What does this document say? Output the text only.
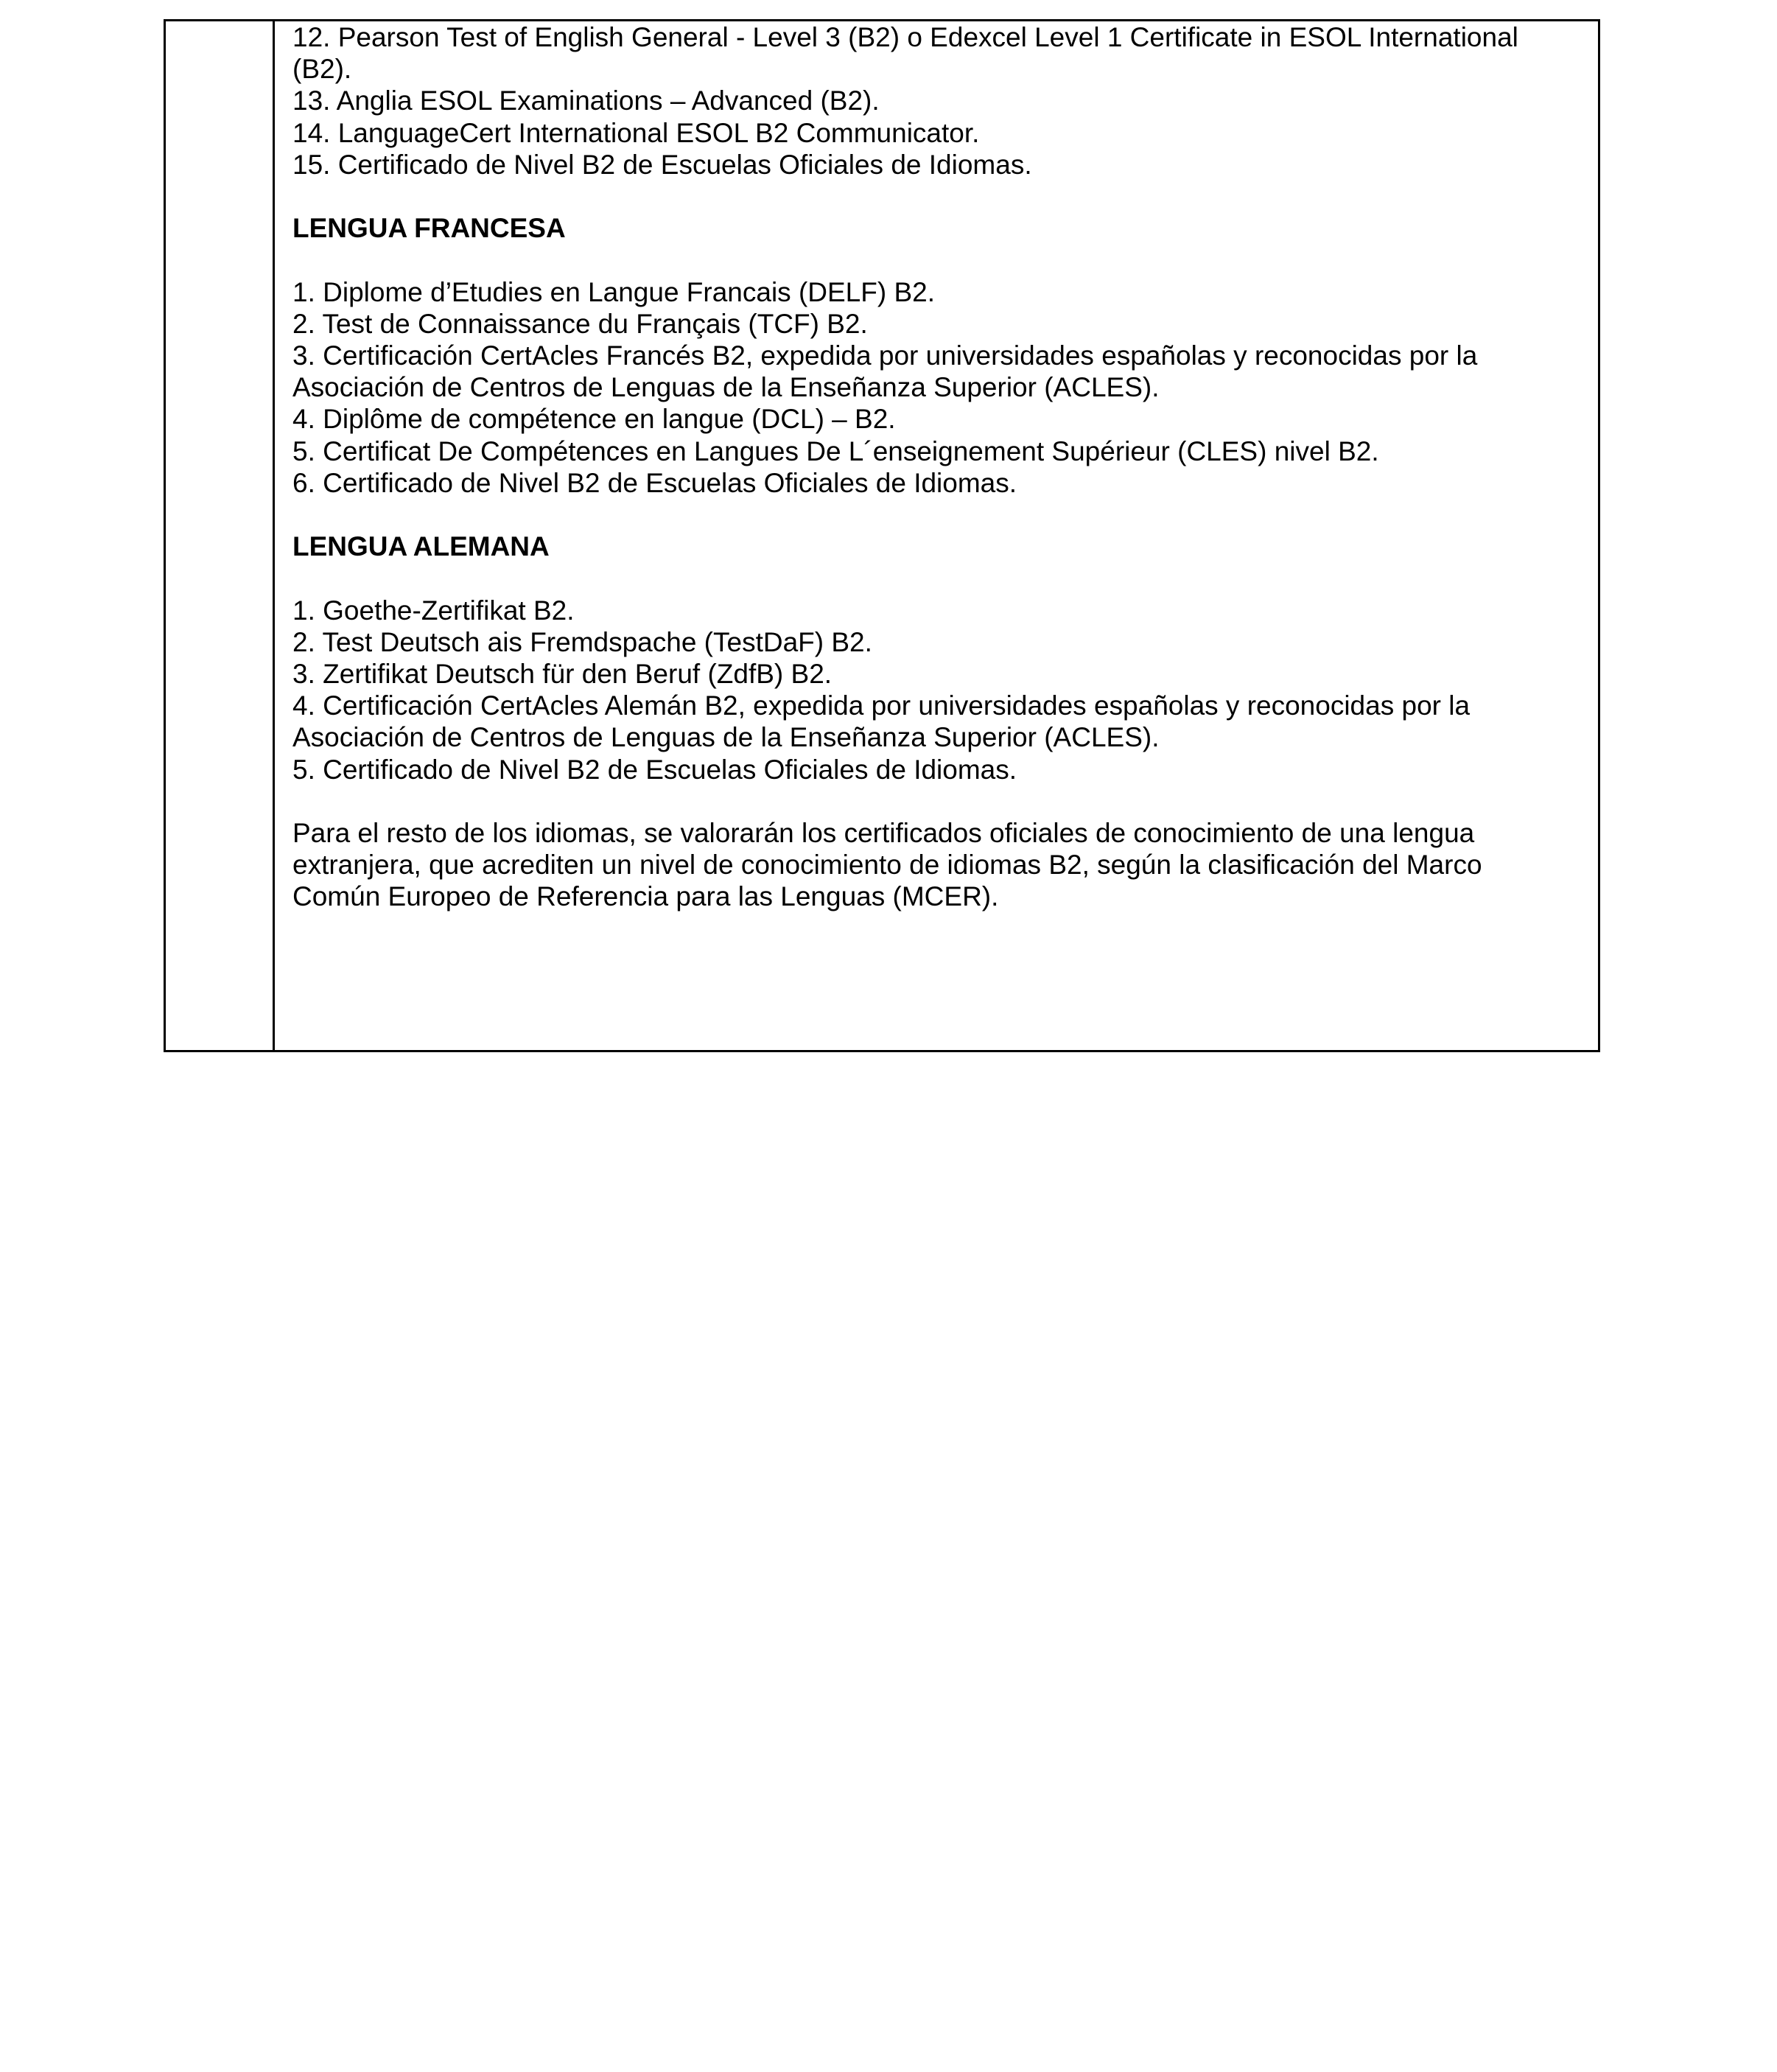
12. Pearson Test of English General - Level 3 (B2) o Edexcel Level 1 Certificate in ESOL International
(B2).
13. Anglia ESOL Examinations – Advanced (B2).
14. LanguageCert International ESOL B2 Communicator.
15. Certificado de Nivel B2 de Escuelas Oficiales de Idiomas.
LENGUA FRANCESA
1. Diplome d’Etudies en Langue Francais (DELF) B2.
2. Test de Connaissance du Français (TCF) B2.
3. Certificación CertAcles Francés B2, expedida por universidades españolas y reconocidas por la
Asociación de Centros de Lenguas de la Enseñanza Superior (ACLES).
4. Diplôme de compétence en langue (DCL) – B2.
5. Certificat De Compétences en Langues De L´enseignement Supérieur (CLES) nivel B2.
6. Certificado de Nivel B2 de Escuelas Oficiales de Idiomas.
LENGUA ALEMANA
1. Goethe-Zertifikat B2.
2. Test Deutsch ais Fremdspache (TestDaF) B2.
3. Zertifikat Deutsch für den Beruf (ZdfB) B2.
4. Certificación CertAcles Alemán B2, expedida por universidades españolas y reconocidas por la
Asociación de Centros de Lenguas de la Enseñanza Superior (ACLES).
5. Certificado de Nivel B2 de Escuelas Oficiales de Idiomas.
Para el resto de los idiomas, se valorarán los certificados oficiales de conocimiento de una lengua
extranjera, que acrediten un nivel de conocimiento de idiomas B2, según la clasificación del Marco
Común Europeo de Referencia para las Lenguas (MCER).
